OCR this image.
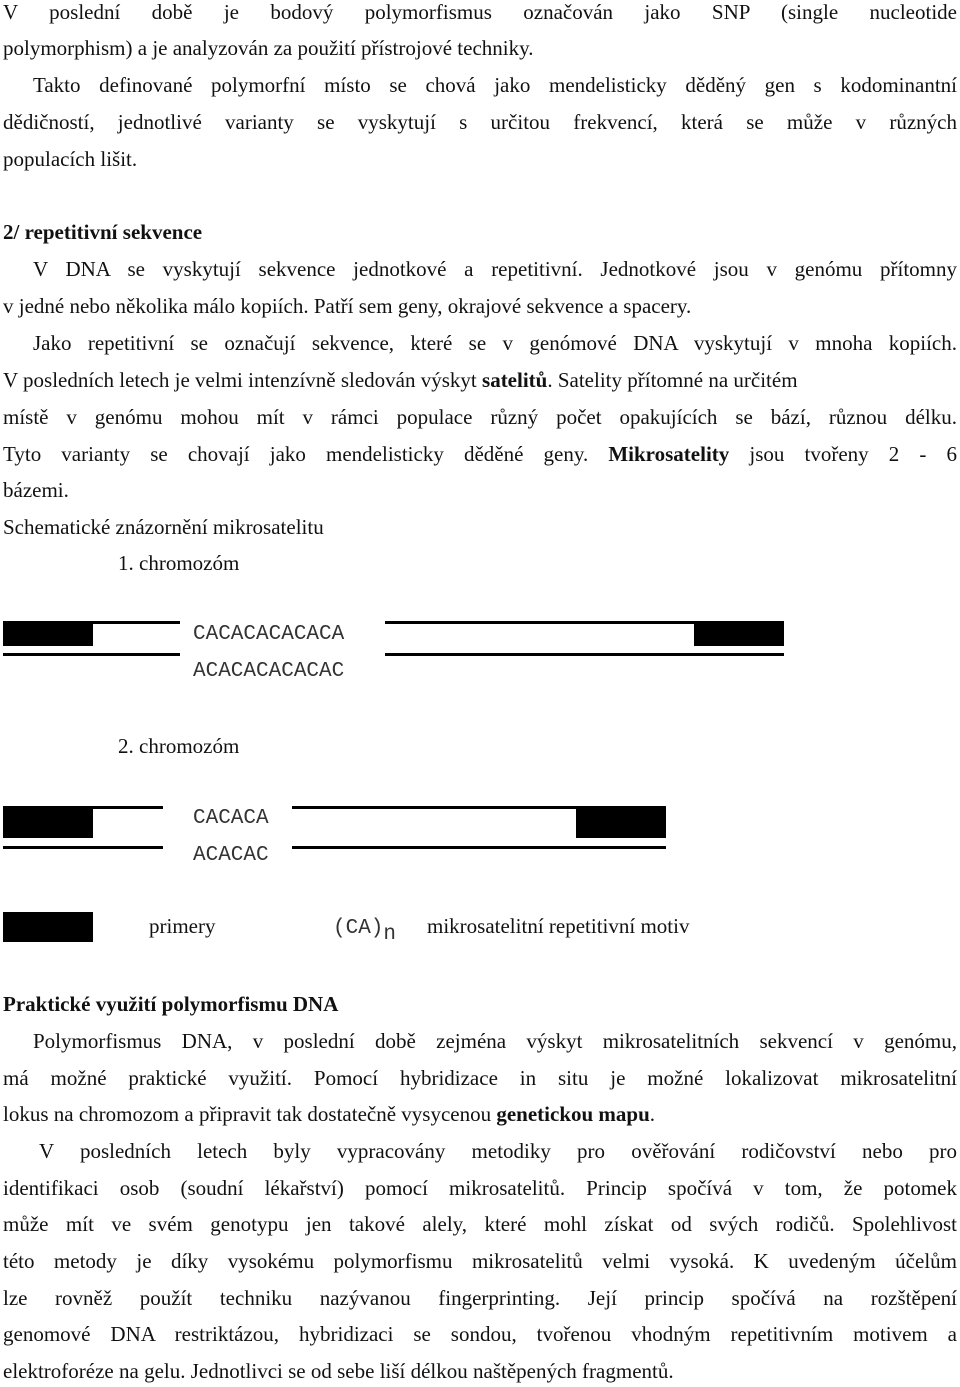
V poslední době je bodový polymorfismus označován jako SNP (single nucleotide
polymorphism) a je analyzován za použití přístrojové techniky.
Takto definované polymorfní místo se chová jako mendelisticky děděný gen s kodominantní
dědičností, jednotlivé varianty se vyskytují s určitou frekvencí, která se může v různých
populacích lišit.
2/ repetitivní sekvence
V DNA se vyskytují sekvence jednotkové a repetitivní. Jednotkové jsou v genómu přítomny
v jedné nebo několika málo kopiích. Patří sem geny, okrajové sekvence a spacery.
Jako repetitivní se označují sekvence, které se v genómové DNA vyskytují v mnoha kopiích.
V posledních letech je velmi intenzívně sledován výskyt satelitů. Satelity přítomné na určitém
místě v genómu mohou mít v rámci populace různý počet opakujících se bází, různou délku.
Tyto varianty se chovají jako mendelisticky děděné geny. Mikrosatelity jsou tvořeny 2 - 6
bázemi.
Schematické znázornění mikrosatelitu
1. chromozóm
CACACACACACA
ACACACACACAC
2. chromozóm
CACACA
ACACAC
primery	(CA)n mikrosatelitní repetitivní motiv
Praktické využití polymorfismu DNA
Polymorfismus DNA, v poslední době zejména výskyt mikrosatelitních sekvencí v genómu,
má možné praktické využití. Pomocí hybridizace in situ je možné lokalizovat mikrosatelitní
lokus na chromozom a připravit tak dostatečně vysycenou genetickou mapu.
V posledních letech byly vypracovány metodiky pro ověřování rodičovství nebo pro
identifikaci osob (soudní lékařství) pomocí mikrosatelitů. Princip spočívá v tom, že potomek
může mít ve svém genotypu jen takové alely, které mohl získat od svých rodičů. Spolehlivost
této metody je díky vysokému polymorfismu mikrosatelitů velmi vysoká. K uvedeným účelům
lze rovněž použít techniku nazývanou fingerprinting. Její princip spočívá na rozštěpení
genomové DNA restriktázou, hybridizaci se sondou, tvořenou vhodným repetitivním motivem a
elektroforéze na gelu. Jednotlivci se od sebe liší délkou naštěpených fragmentů.
